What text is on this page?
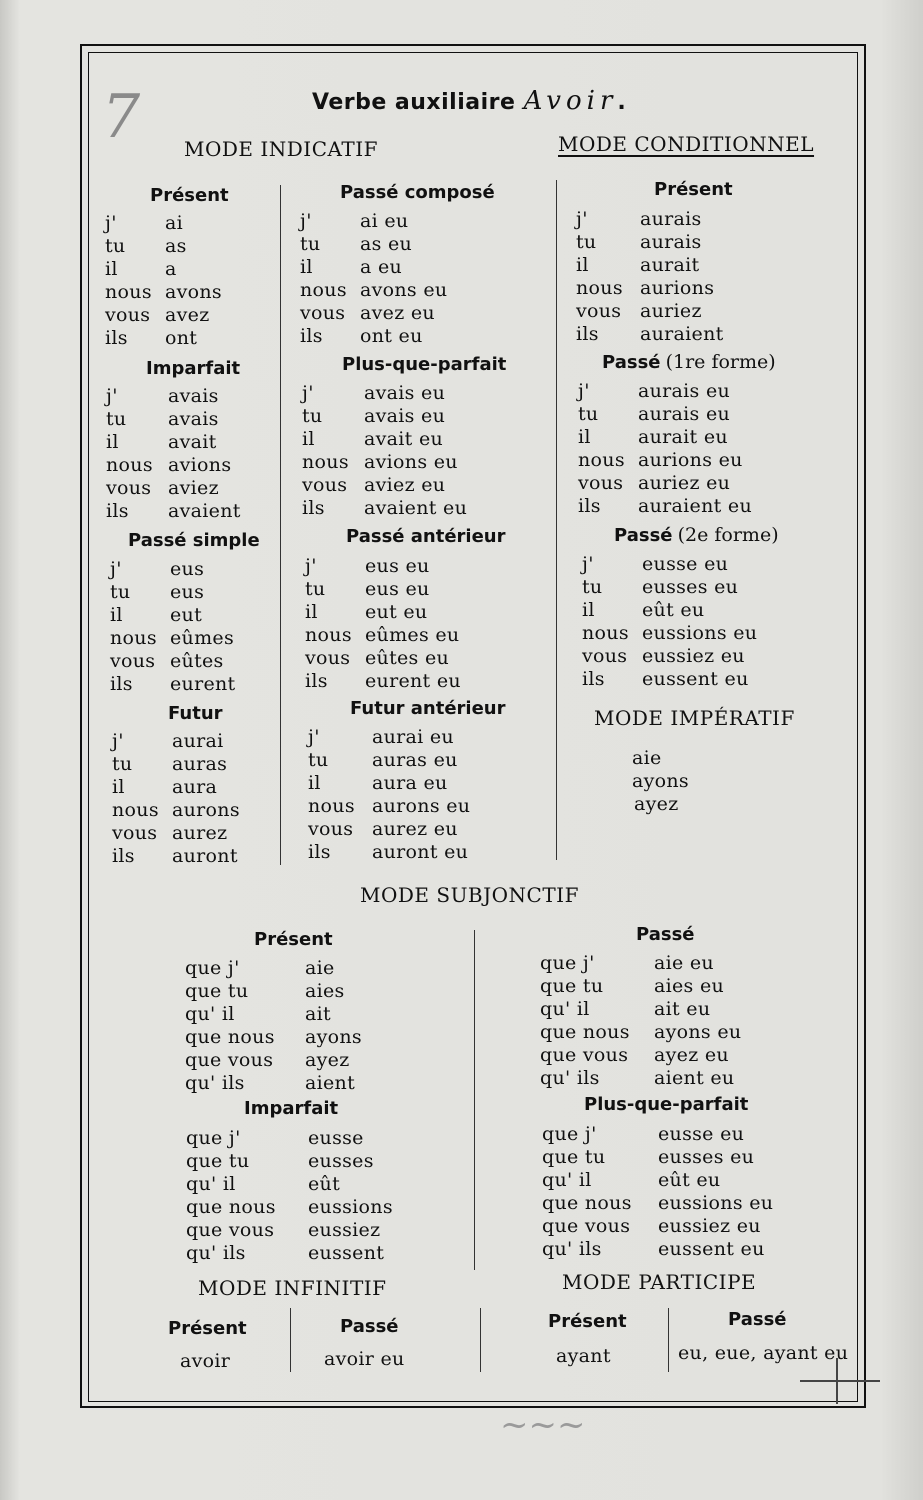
7
~~~
Verbe auxiliaire Avoir.
MODE INDICATIF	MODE CONDITIONNEL
Présent
Imparfait
Passé simple
Futur
Passé composé
Plus-que-parfait
Passé antérieur
Futur antérieur
Présent
Passé (1re forme)
Passé (2e forme)
MODE IMPÉRATIF
aie
ayons
ayez
MODE SUBJONCTIF
Présent
Imparfait
Passé
Plus-que-parfait
MODE INFINITIF	MODE PARTICIPE
Présent
avoir
Passé
avoir eu
Présent
ayant
Passé
eu, eue, ayant eu
j'	ai
tu as
il a
nous avons
vous avez
ils ont
j'	avais
tu avais
il	avait
nous avions
vous aviez
ils avaient
j'	eus
tu eus
il eut
nous eûmes
vous eûtes
ils eurent
j'	aurai
tu auras
il aura
nous aurons
vous aurez
ils auront
j'	ai eu
tu as eu
il a eu
nous avons eu
vous avez eu
ils ont eu
j'	avais eu
tu avais eu
il	avait eu
nous avions eu
vous aviez eu
ils avaient eu
j'	eus eu
tu eus eu
il eut eu
nous eûmes eu
vous eûtes eu
ils eurent eu
j'	aurai eu
tu auras eu
il	aura eu
nous aurons eu
vous aurez eu
ils auront eu
j'	aurais
tu aurais
il	aurait
nous aurions
vous auriez
ils auraient
j'	aurais eu
tu aurais eu
il aurait eu
nous aurions eu
vous auriez eu
ils auraient eu
j'	eusse eu
tu eusses eu
il eût eu
nous eussions eu
vous eussiez eu
ils eussent eu
que j'	aie
que tu	aies
qu' il	ait
que nous ayons
que vous ayez
qu' ils	aient
que j'	eusse
que tu	eusses
qu' il	eût
que nous eussions
que vous eussiez
qu' ils	eussent
que j'	aie eu
que tu	aies eu
qu' il	ait eu
que nous ayons eu
que vous ayez eu
qu' ils	aient eu
que j'	eusse eu
que tu	eusses eu
qu' il	eût eu
que nous eussions eu
que vous eussiez eu
qu' ils	eussent eu
